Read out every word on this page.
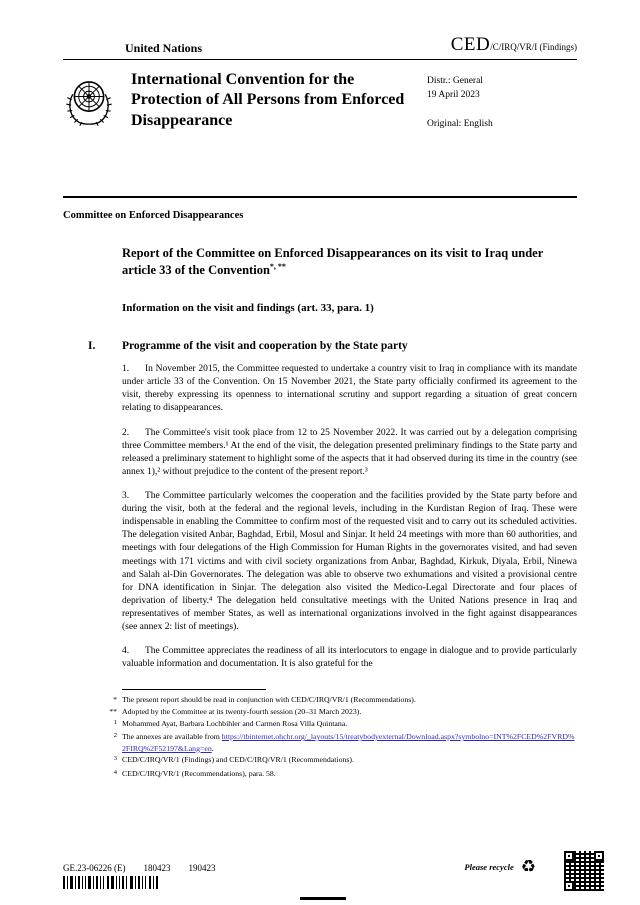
United Nations	CED/C/IRQ/VR/I (Findings)
International Convention for the Protection of All Persons from Enforced Disappearance
Distr.: General
19 April 2023
Original: English
Committee on Enforced Disappearances
Report of the Committee on Enforced Disappearances on its visit to Iraq under article 33 of the Convention*, **
Information on the visit and findings (art. 33, para. 1)
I.	Programme of the visit and cooperation by the State party

1. In November 2015, the Committee requested to undertake a country visit to Iraq in compliance with its mandate under article 33 of the Convention. On 15 November 2021, the State party officially confirmed its agreement to the visit, thereby expressing its openness to international scrutiny and support regarding a situation of great concern relating to disappearances.

2. The Committee's visit took place from 12 to 25 November 2022. It was carried out by a delegation comprising three Committee members.¹ At the end of the visit, the delegation presented preliminary findings to the State party and released a preliminary statement to highlight some of the aspects that it had observed during its time in the country (see annex 1),² without prejudice to the content of the present report.³

3. The Committee particularly welcomes the cooperation and the facilities provided by the State party before and during the visit, both at the federal and the regional levels, including in the Kurdistan Region of Iraq. These were indispensable in enabling the Committee to confirm most of the requested visit and to carry out its scheduled activities. The delegation visited Anbar, Baghdad, Erbil, Mosul and Sinjar. It held 24 meetings with more than 60 authorities, and meetings with four delegations of the High Commission for Human Rights in the governorates visited, and had seven meetings with 171 victims and with civil society organizations from Anbar, Baghdad, Kirkuk, Diyala, Erbil, Ninewa and Salah al-Din Governorates. The delegation was able to observe two exhumations and visited a provisional centre for DNA identification in Sinjar. The delegation also visited the Medico-Legal Directorate and four places of deprivation of liberty.⁴ The delegation held consultative meetings with the United Nations presence in Iraq and representatives of member States, as well as international organizations involved in the fight against disappearances (see annex 2: list of meetings).

4. The Committee appreciates the readiness of all its interlocutors to engage in dialogue and to provide particularly valuable information and documentation. It is also grateful for the

* The present report should be read in conjunction with CED/C/IRQ/VR/1 (Recommendations).
** Adopted by the Committee at its twenty-fourth session (20–31 March 2023).
$^1$ Mohammed Ayat, Barbara Lochbihler and Carmen Rosa Villa Quintana.
$^2$ The annexes are available from https://tbinternet.ohchr.org/_layouts/15/treatybodyexternal/Download.aspx?symbolno=INT%2FCED%2FVRD%2FIRQ%2F52197&Lang=en.
$^3$ CED/C/IRQ/VR/1 (Findings) and CED/C/IRQ/VR/1 (Recommendations).
$^4$ CED/C/IRQ/VR/1 (Recommendations), para. 58.
GE.23-06226 (E) 180423 190423	Please recycle ♻
